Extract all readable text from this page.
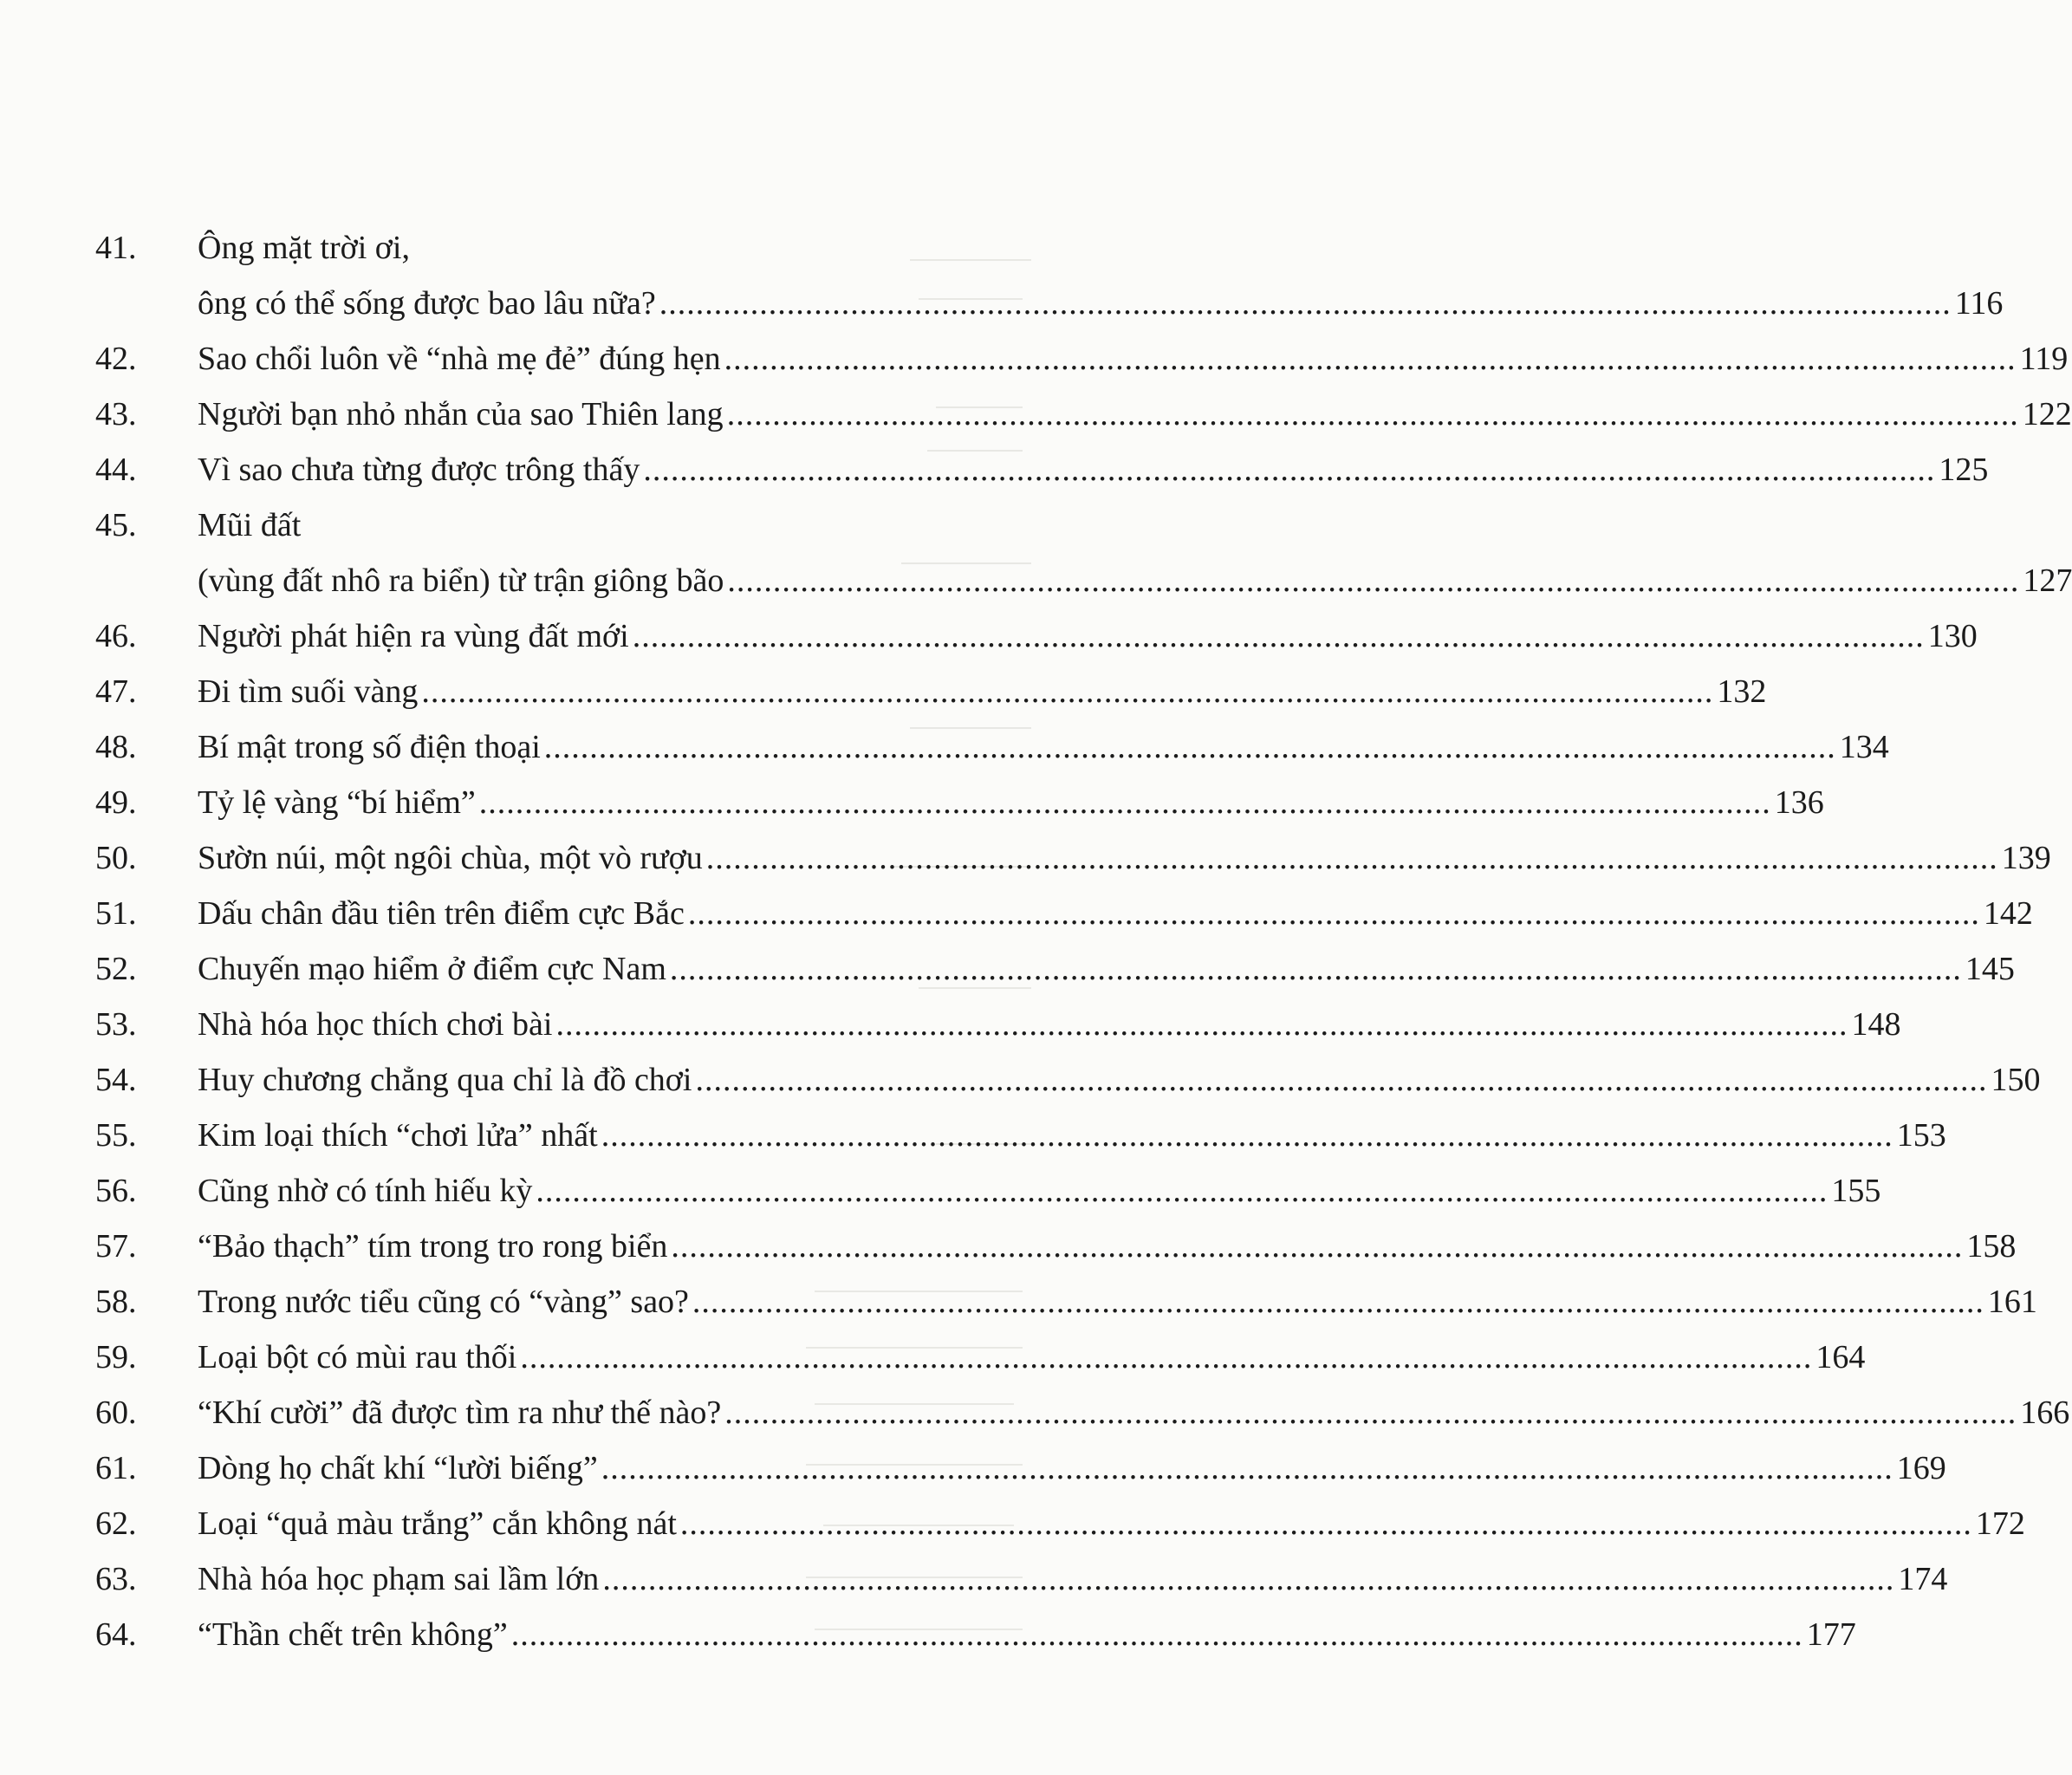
41.	Ông mặt trời ơi,
ông có thể sống được bao lâu nữa? .....	116
42.	Sao chổi luôn về “nhà mẹ đẻ” đúng hẹn .....	119
43.	Người bạn nhỏ nhắn của sao Thiên lang .....	122
44.	Vì sao chưa từng được trông thấy .....	125
45.	Mũi đất
(vùng đất nhô ra biển) từ trận giông bão .....	127
46.	Người phát hiện ra vùng đất mới .....	130
47.	Đi tìm suối vàng .....	132
48.	Bí mật trong số điện thoại .....	134
49.	Tỷ lệ vàng “bí hiểm” .....	136
50.	Sườn núi, một ngôi chùa, một vò rượu .....	139
51.	Dấu chân đầu tiên trên điểm cực Bắc .....	142
52.	Chuyến mạo hiểm ở điểm cực Nam .....	145
53.	Nhà hóa học thích chơi bài .....	148
54.	Huy chương chẳng qua chỉ là đồ chơi .....	150
55.	Kim loại thích “chơi lửa” nhất .....	153
56.	Cũng nhờ có tính hiếu kỳ .....	155
57.	“Bảo thạch” tím trong tro rong biển .....	158
58.	Trong nước tiểu cũng có “vàng” sao? .....	161
59.	Loại bột có mùi rau thối .....	164
60.	“Khí cười” đã được tìm ra như thế nào? .....	166
61.	Dòng họ chất khí “lười biếng” .....	169
62.	Loại “quả màu trắng” cắn không nát .....	172
63.	Nhà hóa học phạm sai lầm lớn .....	174
64.	“Thần chết trên không” .....	177
